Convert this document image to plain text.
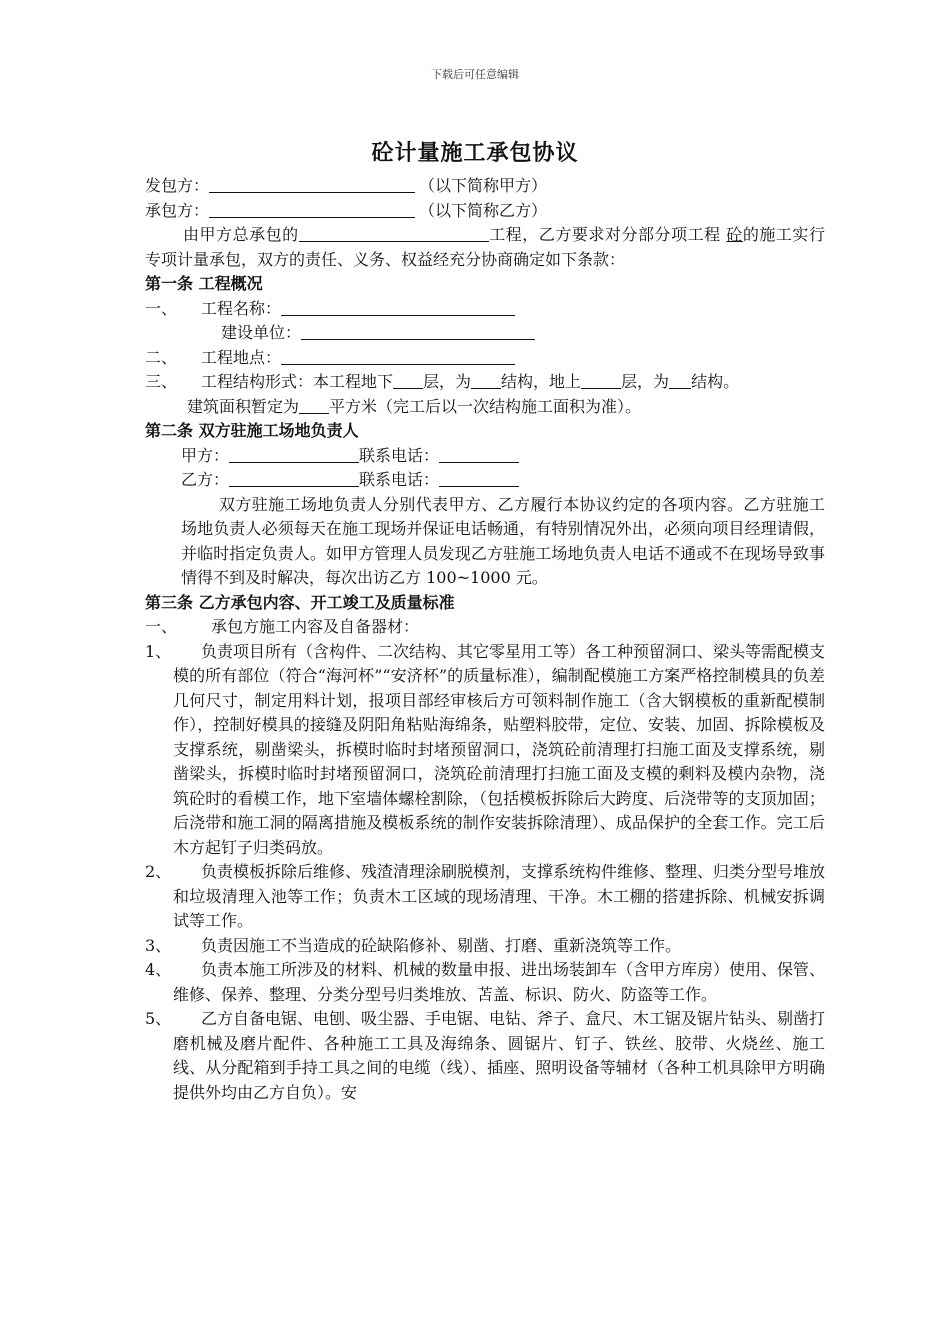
下载后可任意编辑
砼计量施工承包协议
发包方：	（以下简称甲方）
承包方：	（以下简称乙方）
由甲方总承包的	工程，乙方要求对分部分项工程 砼的施工实行专项计量承包，双方的责任、义务、权益经充分协商确定如下条款：
第一条 工程概况
一、 工程名称：
建设单位：
二、 工程地点：
三、 工程结构形式：本工程地下 层，为 结构，地上	层，为 结构。
建筑面积暂定为 平方米（完工后以一次结构施工面积为准）。
第二条 双方驻施工场地负责人
甲方：	联系电话：
乙方：	联系电话：
双方驻施工场地负责人分别代表甲方、乙方履行本协议约定的各项内容。乙方驻施工场地负责人必须每天在施工现场并保证电话畅通，有特别情况外出，必须向项目经理请假，并临时指定负责人。如甲方管理人员发现乙方驻施工场地负责人电话不通或不在现场导致事情得不到及时解决，每次出访乙方 100~1000 元。
第三条 乙方承包内容、开工竣工及质量标准
一、 承包方施工内容及自备器材：
1、	负责项目所有（含构件、二次结构、其它零星用工等）各工种预留洞口、梁头等需配模支模的所有部位（符合“海河杯”“安济杯”的质量标准），编制配模施工方案严格控制模具的负差几何尺寸，制定用料计划，报项目部经审核后方可领料制作施工（含大钢模板的重新配模制作），控制好模具的接缝及阴阳角粘贴海绵条，贴塑料胶带，定位、安装、加固、拆除模板及支撑系统，剔凿梁头，拆模时临时封堵预留洞口，浇筑砼前清理打扫施工面及支撑系统，剔凿梁头，拆模时临时封堵预留洞口，浇筑砼前清理打扫施工面及支模的剩料及模内杂物，浇筑砼时的看模工作，地下室墙体螺栓割除，（包括模板拆除后大跨度、后浇带等的支顶加固；后浇带和施工洞的隔离措施及模板系统的制作安装拆除清理）、成品保护的全套工作。完工后木方起钉子归类码放。
2、	负责模板拆除后维修、残渣清理涂刷脱模剂，支撑系统构件维修、整理、归类分型号堆放和垃圾清理入池等工作；负责木工区域的现场清理、干净。木工棚的搭建拆除、机械安拆调试等工作。
3、	负责因施工不当造成的砼缺陷修补、剔凿、打磨、重新浇筑等工作。
4、	负责本施工所涉及的材料、机械的数量申报、进出场装卸车（含甲方库房）使用、保管、维修、保养、整理、分类分型号归类堆放、苫盖、标识、防火、防盗等工作。
5、	乙方自备电锯、电刨、吸尘器、手电锯、电钻、斧子、盒尺、木工锯及锯片钻头、剔凿打磨机械及磨片配件、各种施工工具及海绵条、圆锯片、钉子、铁丝、胶带、火烧丝、施工线、从分配箱到手持工具之间的电缆（线）、插座、照明设备等辅材（各种工机具除甲方明确提供外均由乙方自负）。安
